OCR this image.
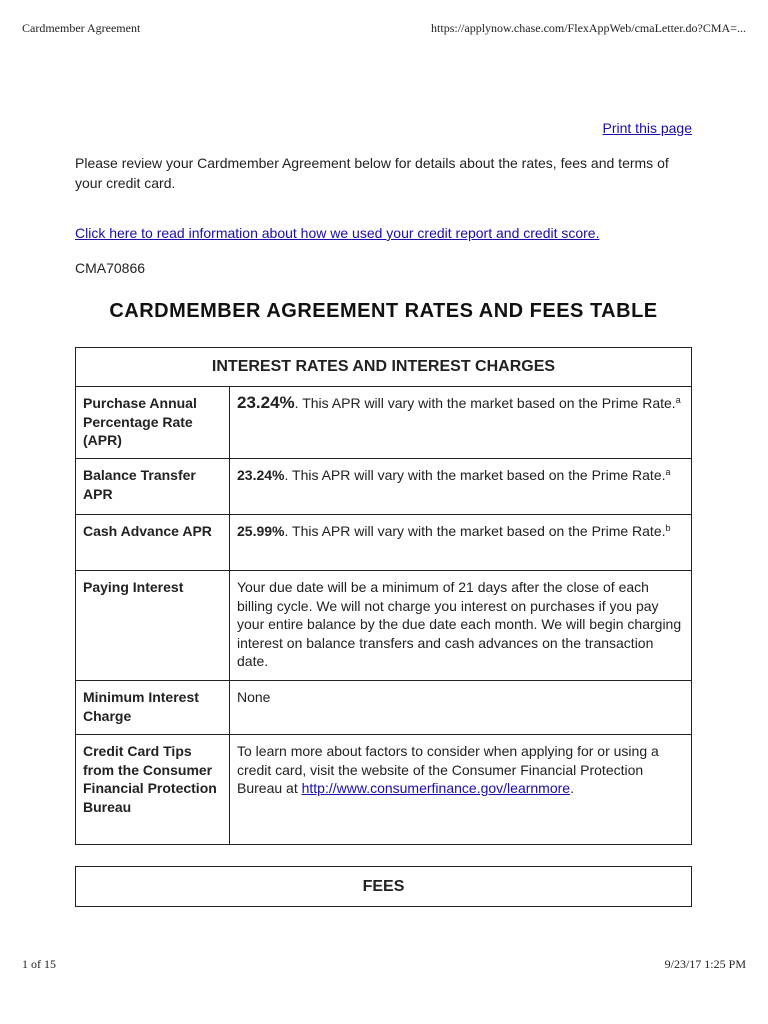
Cardmember Agreement	https://applynow.chase.com/FlexAppWeb/cmaLetter.do?CMA=...
Print this page

Please review your Cardmember Agreement below for details about the rates, fees and terms of your credit card.

Click here to read information about how we used your credit report and credit score.
CMA70866
CARDMEMBER AGREEMENT RATES AND FEES TABLE
INTEREST RATES AND INTEREST CHARGES	
Purchase Annual Percentage Rate (APR)	23.24%. This APR will vary with the market based on the Prime Rate.$^a$
Balance Transfer APR	23.24%. This APR will vary with the market based on the Prime Rate.$^a$
Cash Advance APR	25.99%. This APR will vary with the market based on the Prime Rate.$^b$
Paying Interest	Your due date will be a minimum of 21 days after the close of each billing cycle. We will not charge you interest on purchases if you pay your entire balance by the due date each month. We will begin charging interest on balance transfers and cash advances on the transaction date.
Minimum Interest Charge	None
Credit Card Tips from the Consumer Financial Protection Bureau	To learn more about factors to consider when applying for or using a credit card, visit the website of the Consumer Financial Protection Bureau at http://www.consumerfinance.gov/learnmore.
FEES
1 of 15	9/23/17 1:25 PM
